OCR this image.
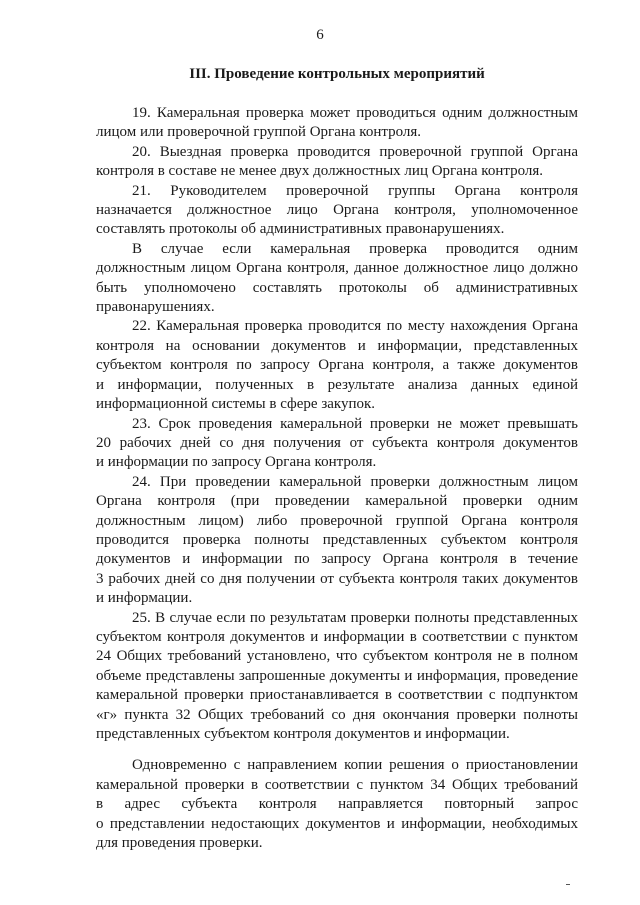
6
III. Проведение контрольных мероприятий
19. Камеральная проверка может проводиться одним должностным
лицом или проверочной группой Органа контроля.
20. Выездная проверка проводится проверочной группой Органа
контроля в составе не менее двух должностных лиц Органа контроля.
21. Руководителем проверочной группы Органа контроля
назначается должностное лицо Органа контроля, уполномоченное
составлять протоколы об административных правонарушениях.
В случае если камеральная проверка проводится одним
должностным лицом Органа контроля, данное должностное лицо должно
быть уполномочено составлять протоколы об административных
правонарушениях.
22. Камеральная проверка проводится по месту нахождения Органа
контроля на основании документов и информации, представленных
субъектом контроля по запросу Органа контроля, а также документов
и информации, полученных в результате анализа данных единой
информационной системы в сфере закупок.
23. Срок проведения камеральной проверки не может превышать
20 рабочих дней со дня получения от субъекта контроля документов
и информации по запросу Органа контроля.
24. При проведении камеральной проверки должностным лицом
Органа контроля (при проведении камеральной проверки одним
должностным лицом) либо проверочной группой Органа контроля
проводится проверка полноты представленных субъектом контроля
документов и информации по запросу Органа контроля в течение
3 рабочих дней со дня получении от субъекта контроля таких документов
и информации.
25. В случае если по результатам проверки полноты представленных
субъектом контроля документов и информации в соответствии с пунктом
24 Общих требований установлено, что субъектом контроля не в полном
объеме представлены запрошенные документы и информация, проведение
камеральной проверки приостанавливается в соответствии с подпунктом
«г» пункта 32 Общих требований со дня окончания проверки полноты
представленных субъектом контроля документов и информации.
Одновременно с направлением копии решения о приостановлении
камеральной проверки в соответствии с пунктом 34 Общих требований
в адрес субъекта контроля направляется повторный запрос
о представлении недостающих документов и информации, необходимых
для проведения проверки.
